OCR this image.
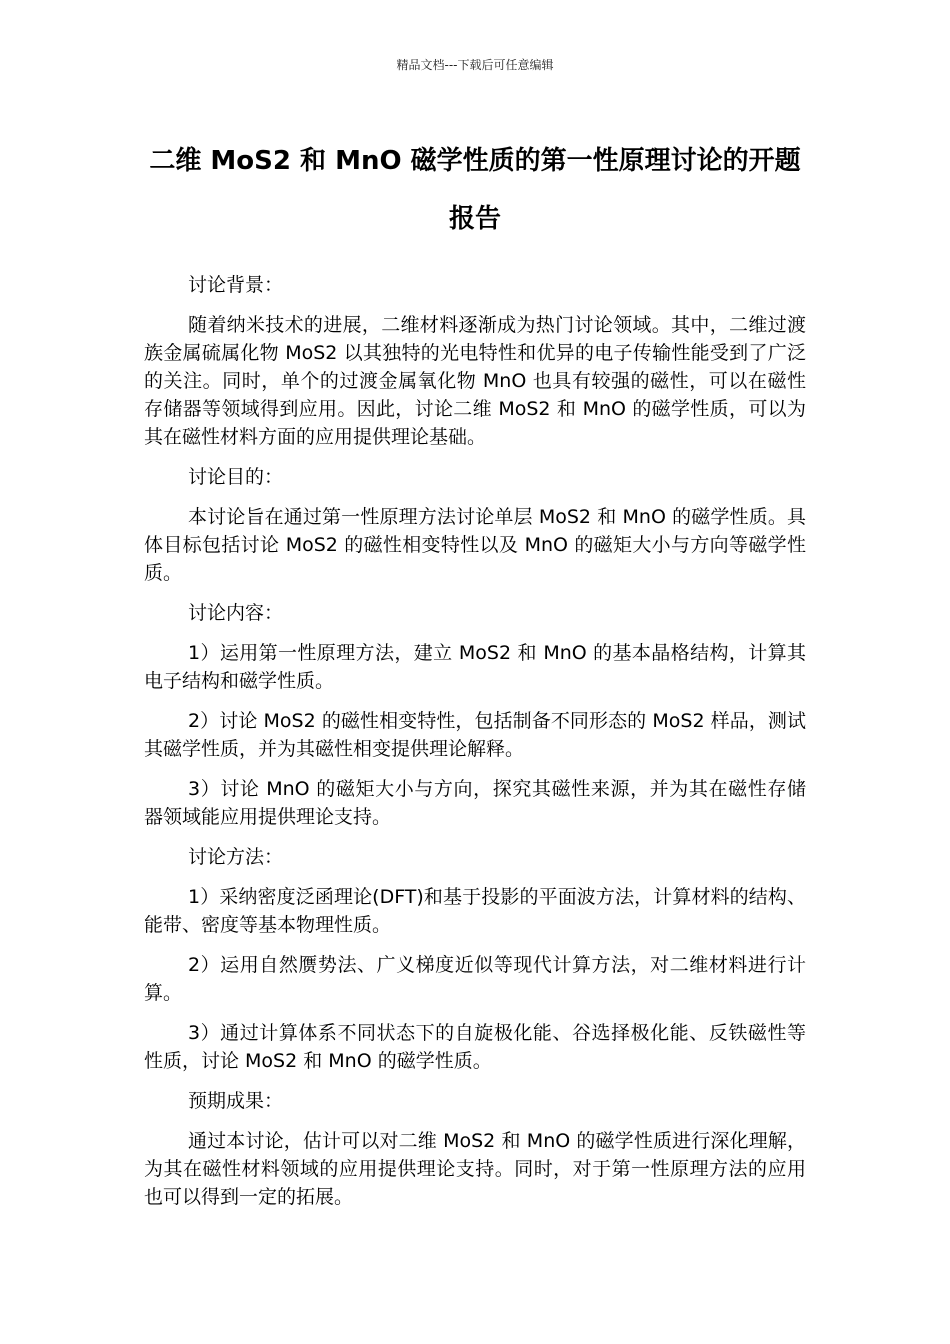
精品文档---下载后可任意编辑
二维 MoS2 和 MnO 磁学性质的第一性原理讨论的开题报告

讨论背景：

随着纳米技术的进展，二维材料逐渐成为热门讨论领域。其中，二维过渡族金属硫属化物 MoS2 以其独特的光电特性和优异的电子传输性能受到了广泛的关注。同时，单个的过渡金属氧化物 MnO 也具有较强的磁性，可以在磁性存储器等领域得到应用。因此，讨论二维 MoS2 和 MnO 的磁学性质，可以为其在磁性材料方面的应用提供理论基础。

讨论目的：

本讨论旨在通过第一性原理方法讨论单层 MoS2 和 MnO 的磁学性质。具体目标包括讨论 MoS2 的磁性相变特性以及 MnO 的磁矩大小与方向等磁学性质。

讨论内容：

1）运用第一性原理方法，建立 MoS2 和 MnO 的基本晶格结构，计算其电子结构和磁学性质。

2）讨论 MoS2 的磁性相变特性，包括制备不同形态的 MoS2 样品，测试其磁学性质，并为其磁性相变提供理论解释。

3）讨论 MnO 的磁矩大小与方向，探究其磁性来源，并为其在磁性存储器领域能应用提供理论支持。

讨论方法：

1）采纳密度泛函理论(DFT)和基于投影的平面波方法，计算材料的结构、能带、密度等基本物理性质。

2）运用自然赝势法、广义梯度近似等现代计算方法，对二维材料进行计算。

3）通过计算体系不同状态下的自旋极化能、谷选择极化能、反铁磁性等性质，讨论 MoS2 和 MnO 的磁学性质。

预期成果：

通过本讨论，估计可以对二维 MoS2 和 MnO 的磁学性质进行深化理解，为其在磁性材料领域的应用提供理论支持。同时，对于第一性原理方法的应用也可以得到一定的拓展。
